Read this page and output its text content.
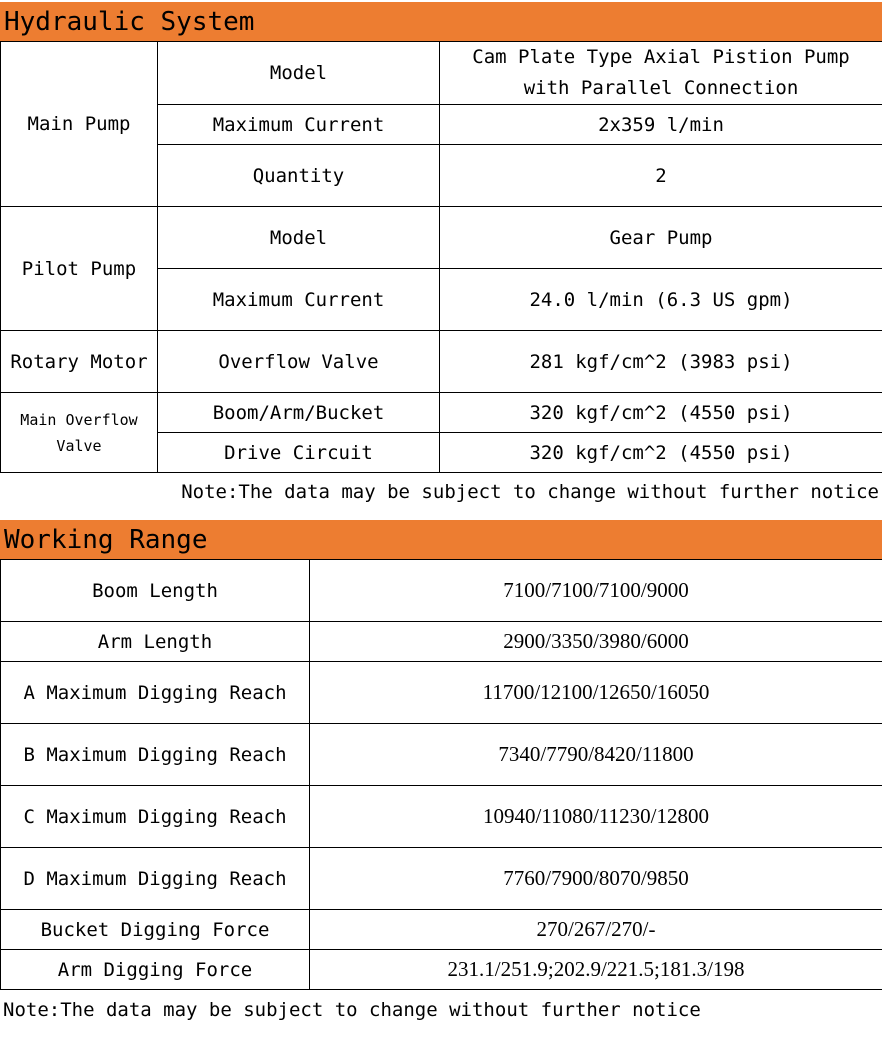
Hydraulic System
Main Pump	Model	Cam Plate Type Axial Pistion Pump
with Parallel Connection

	Maximum Current	2x359 l/min
	Quantity	2
Pilot Pump	Model	Gear Pump
	Maximum Current	24.0 l/min (6.3 US gpm)
Rotary Motor	Overflow Valve	281 kgf/cm^2 (3983 psi)

Main Overflow
Valve	Boom/Arm/Bucket	320 kgf/cm^2 (4550 psi)
	Drive Circuit	320 kgf/cm^2 (4550 psi)
Note:The data may be subject to change without further notice
Working Range
Boom Length	7100/7100/7100/9000
Arm Length	2900/3350/3980/6000
A Maximum Digging Reach	11700/12100/12650/16050
B Maximum Digging Reach	7340/7790/8420/11800
C Maximum Digging Reach	10940/11080/11230/12800
D Maximum Digging Reach	7760/7900/8070/9850
Bucket Digging Force	270/267/270/-
Arm Digging Force	231.1/251.9;202.9/221.5;181.3/198
Note:The data may be subject to change without further notice
